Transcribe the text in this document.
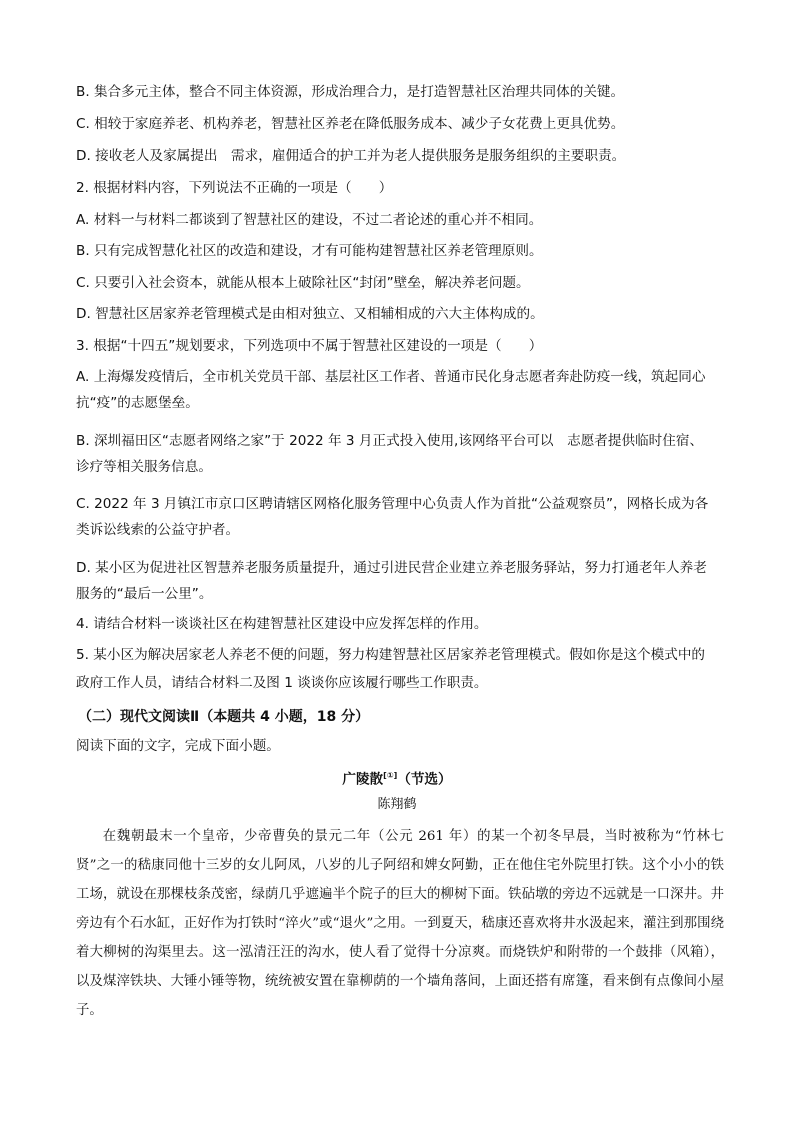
B. 集合多元主体，整合不同主体资源，形成治理合力，是打造智慧社区治理共同体的关键。
C. 相较于家庭养老、机构养老，智慧社区养老在降低服务成本、减少子女花费上更具优势。
D. 接收老人及家属提出　需求，雇佣适合的护工并为老人提供服务是服务组织的主要职责。
2. 根据材料内容，下列说法不正确的一项是（　　）
A. 材料一与材料二都谈到了智慧社区的建设，不过二者论述的重心并不相同。
B. 只有完成智慧化社区的改造和建设，才有可能构建智慧社区养老管理原则。
C. 只要引入社会资本，就能从根本上破除社区“封闭”壁垒，解决养老问题。
D. 智慧社区居家养老管理模式是由相对独立、又相辅相成的六大主体构成的。
3. 根据“十四五”规划要求，下列选项中不属于智慧社区建设的一项是（　　）
A. 上海爆发疫情后，全市机关党员干部、基层社区工作者、普通市民化身志愿者奔赴防疫一线，筑起同心
抗“疫”的志愿堡垒。
B. 深圳福田区“志愿者网络之家”于 2022 年 3 月正式投入使用,该网络平台可以　志愿者提供临时住宿、
诊疗等相关服务信息。
C. 2022 年 3 月镇江市京口区聘请辖区网格化服务管理中心负责人作为首批“公益观察员”，网格长成为各
类诉讼线索的公益守护者。
D. 某小区为促进社区智慧养老服务质量提升，通过引进民营企业建立养老服务驿站，努力打通老年人养老
服务的“最后一公里”。
4. 请结合材料一谈谈社区在构建智慧社区建设中应发挥怎样的作用。
5. 某小区为解决居家老人养老不便的问题，努力构建智慧社区居家养老管理模式。假如你是这个模式中的
政府工作人员，请结合材料二及图 1 谈谈你应该履行哪些工作职责。
（二）现代文阅读Ⅱ（本题共 4 小题，18 分）
阅读下面的文字，完成下面小题。
广陵散[①]（节选）
陈翔鹤

在魏朝最末一个皇帝，少帝曹奂的景元二年（公元 261 年）的某一个初冬早晨，当时被称为“竹林七贤”之一的嵇康同他十三岁的女儿阿凤，八岁的儿子阿绍和婢女阿勤，正在他住宅外院里打铁。这个小小的铁工场，就设在那棵枝条茂密，绿荫几乎遮遍半个院子的巨大的柳树下面。铁砧墩的旁边不远就是一口深井。井旁边有个石水缸，正好作为打铁时“淬火”或“退火”之用。一到夏天，嵇康还喜欢将井水汲起来，灌注到那围绕着大柳树的沟渠里去。这一泓清汪汪的沟水，使人看了觉得十分凉爽。而烧铁炉和附带的一个鼓排（风箱），以及煤滓铁块、大锤小锤等物，统统被安置在靠柳荫的一个墙角落间，上面还搭有席篷，看来倒有点像间小屋子。
